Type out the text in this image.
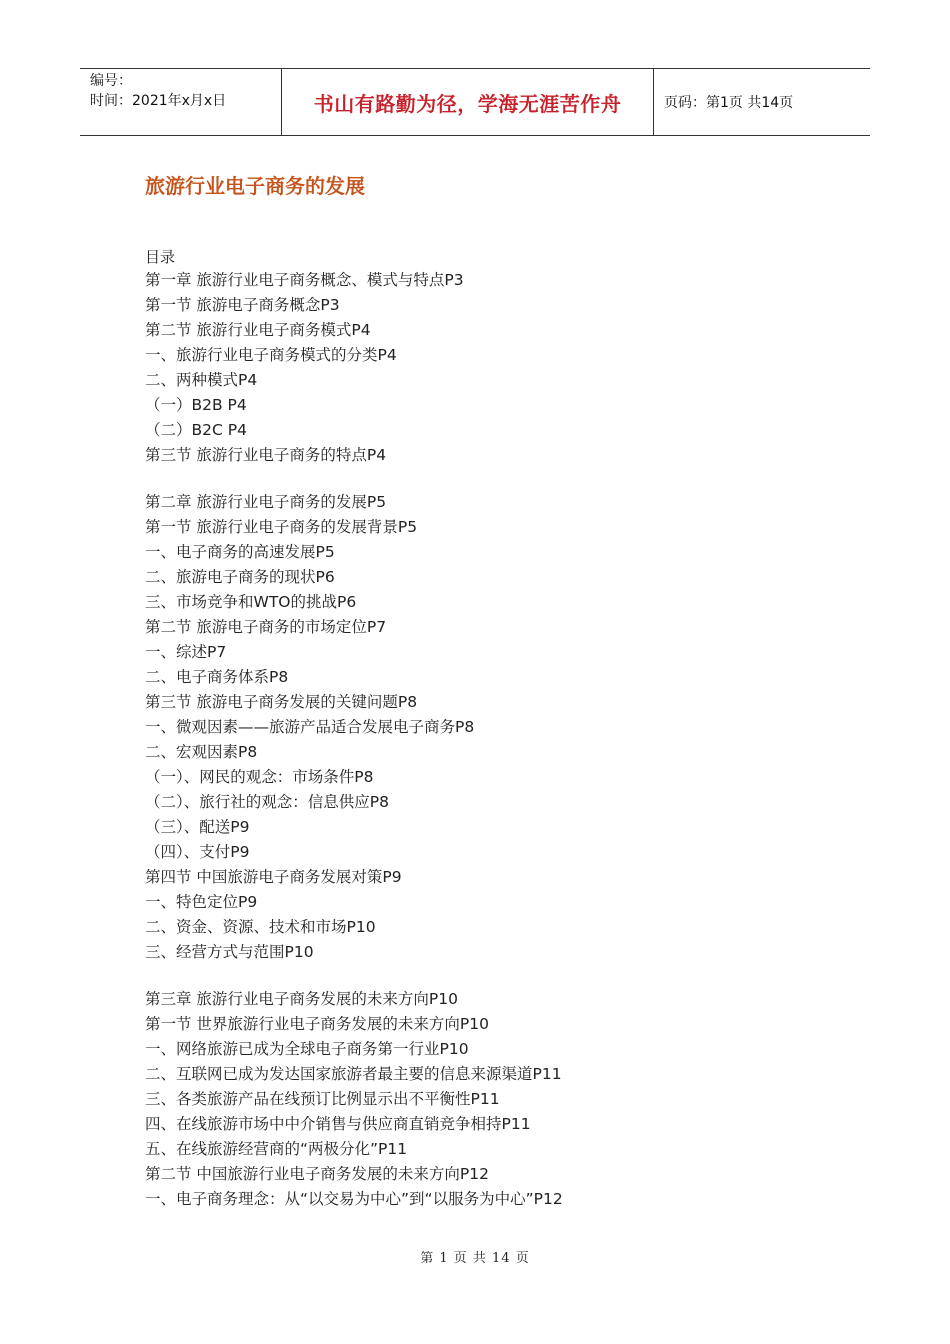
编号：
时间：2021年x月x日	书山有路勤为径，学海无涯苦作舟	页码：第1页 共14页
旅游行业电子商务的发展
目录
第一章 旅游行业电子商务概念、模式与特点P3
第一节 旅游电子商务概念P3
第二节 旅游行业电子商务模式P4
一、旅游行业电子商务模式的分类P4
二、两种模式P4
（一）B2B P4
（二）B2C P4
第三节 旅游行业电子商务的特点P4
第二章 旅游行业电子商务的发展P5
第一节 旅游行业电子商务的发展背景P5
一、电子商务的高速发展P5
二、旅游电子商务的现状P6
三、市场竞争和WTO的挑战P6
第二节 旅游电子商务的市场定位P7
一、综述P7
二、电子商务体系P8
第三节 旅游电子商务发展的关键问题P8
一、微观因素——旅游产品适合发展电子商务P8
二、宏观因素P8
（一）、网民的观念：市场条件P8
（二）、旅行社的观念：信息供应P8
（三）、配送P9
（四）、支付P9
第四节 中国旅游电子商务发展对策P9
一、特色定位P9
二、资金、资源、技术和市场P10
三、经营方式与范围P10
第三章 旅游行业电子商务发展的未来方向P10
第一节 世界旅游行业电子商务发展的未来方向P10
一、网络旅游已成为全球电子商务第一行业P10
二、互联网已成为发达国家旅游者最主要的信息来源渠道P11
三、各类旅游产品在线预订比例显示出不平衡性P11
四、在线旅游市场中中介销售与供应商直销竞争相持P11
五、在线旅游经营商的“两极分化”P11
第二节 中国旅游行业电子商务发展的未来方向P12
一、电子商务理念：从“以交易为中心”到“以服务为中心”P12
第 1 页 共 14 页
